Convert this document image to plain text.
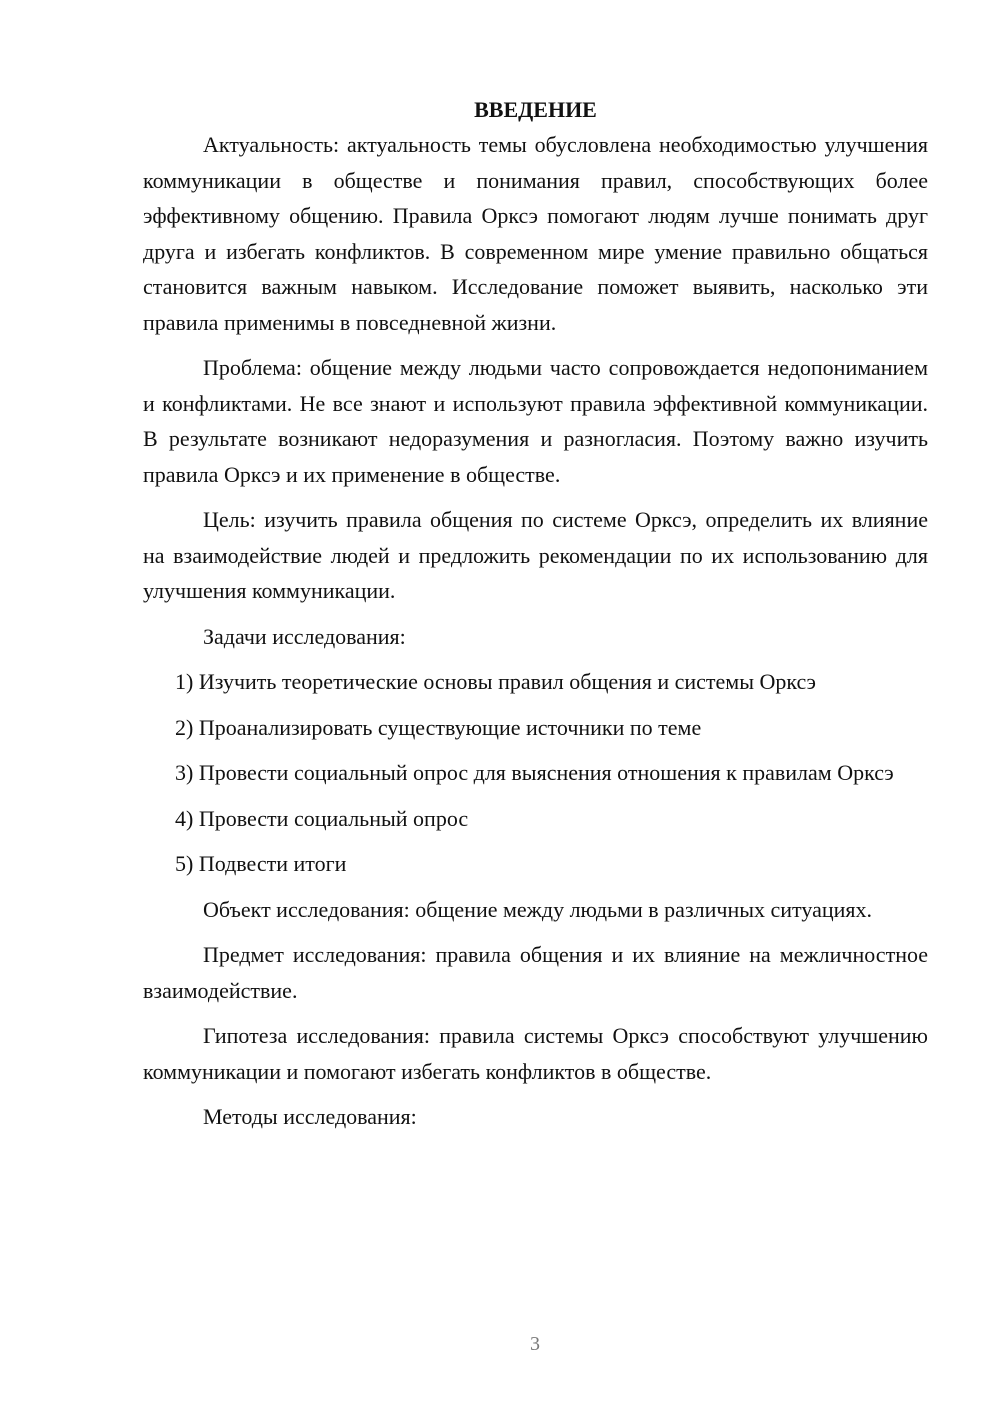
ВВЕДЕНИЕ

Актуальность: актуальность темы обусловлена необходимостью улучшения коммуникации в обществе и понимания правил, способствующих более эффективному общению. Правила Орксэ помогают людям лучше понимать друг друга и избегать конфликтов. В современном мире умение правильно общаться становится важным навыком. Исследование поможет выявить, насколько эти правила применимы в повседневной жизни.

Проблема: общение между людьми часто сопровождается недопониманием и конфликтами. Не все знают и используют правила эффективной коммуникации. В результате возникают недоразумения и разногласия. Поэтому важно изучить правила Орксэ и их применение в обществе.

Цель: изучить правила общения по системе Орксэ, определить их влияние на взаимодействие людей и предложить рекомендации по их использованию для улучшения коммуникации.

Задачи исследования:

1) Изучить теоретические основы правил общения и системы Орксэ
2) Проанализировать существующие источники по теме
3) Провести социальный опрос для выяснения отношения к правилам Орксэ
4) Провести социальный опрос
5) Подвести итоги

Объект исследования: общение между людьми в различных ситуациях.

Предмет исследования: правила общения и их влияние на межличностное взаимодействие.

Гипотеза исследования: правила системы Орксэ способствуют улучшению коммуникации и помогают избегать конфликтов в обществе.

Методы исследования:

3
